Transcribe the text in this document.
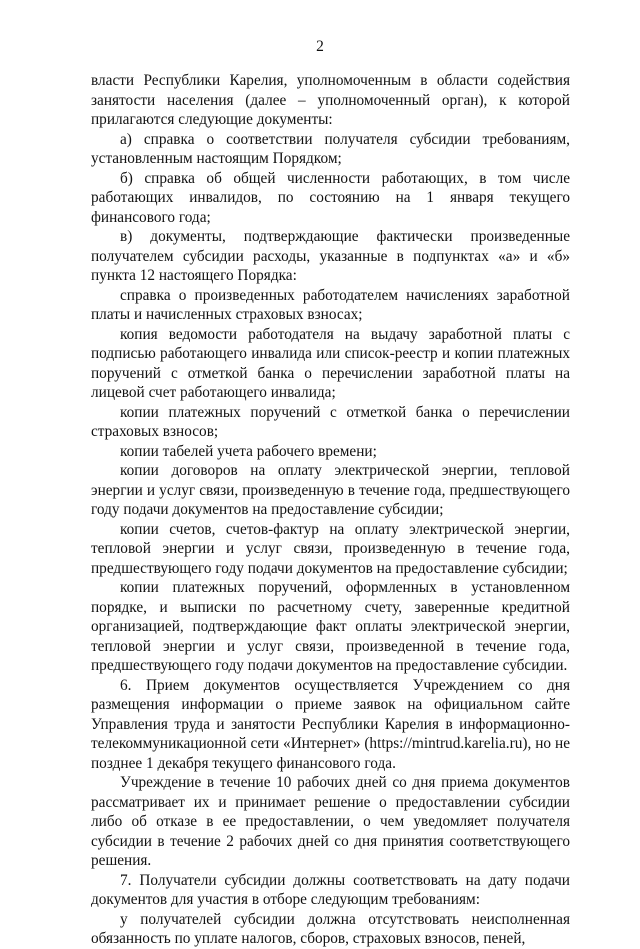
2

власти Республики Карелия, уполномоченным в области содействия занятости населения (далее – уполномоченный орган), к которой прилагаются следующие документы:

а) справка о соответствии получателя субсидии требованиям, установленным настоящим Порядком;

б) справка об общей численности работающих, в том числе работающих инвалидов, по состоянию на 1 января текущего финансового года;

в) документы, подтверждающие фактически произведенные получателем субсидии расходы, указанные в подпунктах «а» и «б» пункта 12 настоящего Порядка:

справка о произведенных работодателем начислениях заработной платы и начисленных страховых взносах;

копия ведомости работодателя на выдачу заработной платы с подписью работающего инвалида или список-реестр и копии платежных поручений с отметкой банка о перечислении заработной платы на лицевой счет работающего инвалида;

копии платежных поручений с отметкой банка о перечислении страховых взносов;

копии табелей учета рабочего времени;

копии договоров на оплату электрической энергии, тепловой энергии и услуг связи, произведенную в течение года, предшествующего году подачи документов на предоставление субсидии;

копии счетов, счетов-фактур на оплату электрической энергии, тепловой энергии и услуг связи, произведенную в течение года, предшествующего году подачи документов на предоставление субсидии;

копии платежных поручений, оформленных в установленном порядке, и выписки по расчетному счету, заверенные кредитной организацией, подтверждающие факт оплаты электрической энергии, тепловой энергии и услуг связи, произведенной в течение года, предшествующего году подачи документов на предоставление субсидии.

6. Прием документов осуществляется Учреждением со дня размещения информации о приеме заявок на официальном сайте Управления труда и занятости Республики Карелия в информационно-телекоммуникационной сети «Интернет» (https://mintrud.karelia.ru), но не позднее 1 декабря текущего финансового года.

Учреждение в течение 10 рабочих дней со дня приема документов рассматривает их и принимает решение о предоставлении субсидии либо об отказе в ее предоставлении, о чем уведомляет получателя субсидии в течение 2 рабочих дней со дня принятия соответствующего решения.

7. Получатели субсидии должны соответствовать на дату подачи документов для участия в отборе следующим требованиям:

у получателей субсидии должна отсутствовать неисполненная обязанность по уплате налогов, сборов, страховых взносов, пеней,
